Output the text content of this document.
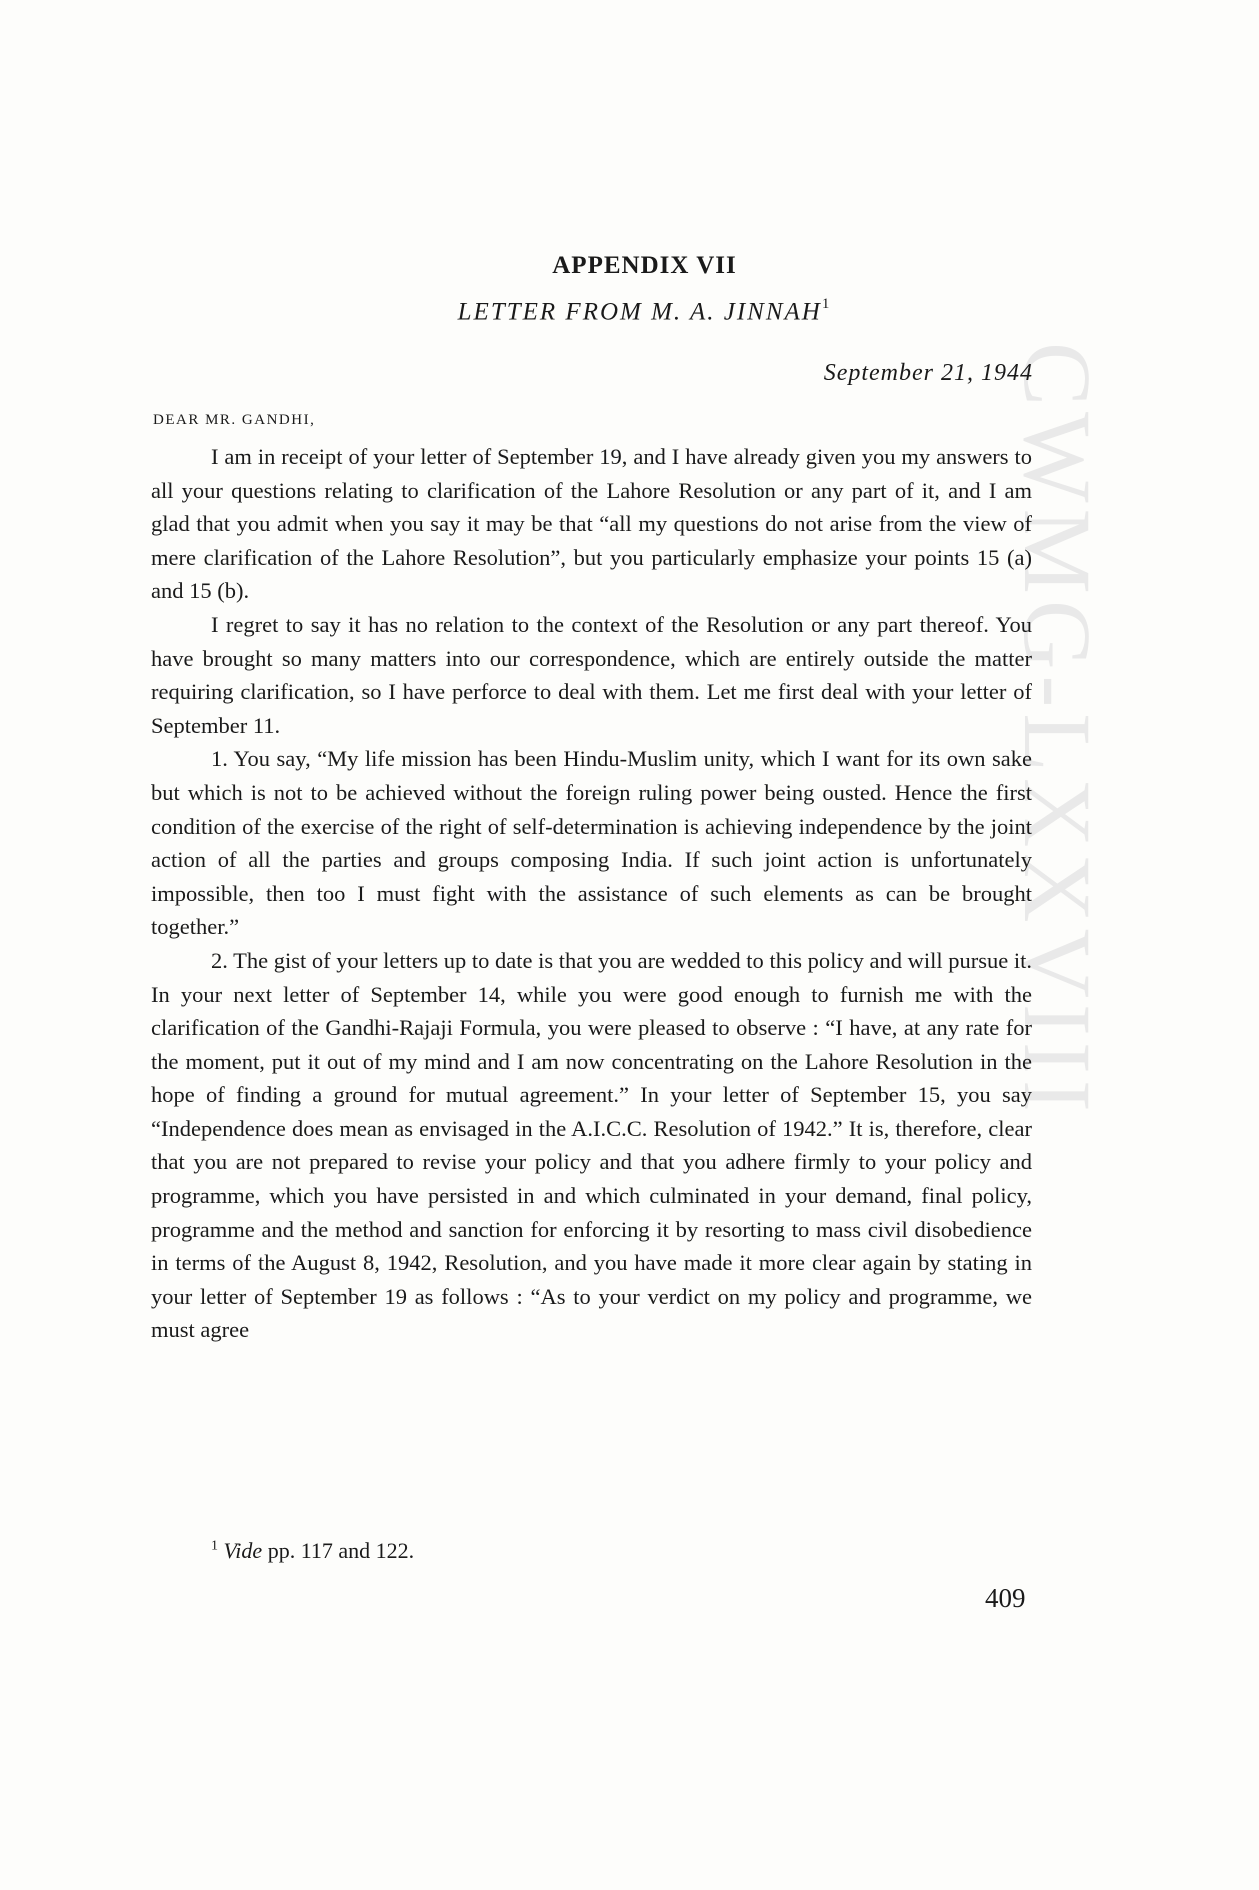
CWMG-LXXVIII
APPENDIX VII
LETTER FROM M. A. JINNAH$^1$
September 21, 1944
DEAR MR. GANDHI,

I am in receipt of your letter of September 19, and I have already given you my answers to all your questions relating to clarification of the Lahore Resolution or any part of it, and I am glad that you admit when you say it may be that “all my questions do not arise from the view of mere clarification of the Lahore Resolution”, but you particularly emphasize your points 15 (a) and 15 (b).

I regret to say it has no relation to the context of the Resolution or any part thereof. You have brought so many matters into our correspondence, which are entirely outside the matter requiring clarification, so I have perforce to deal with them. Let me first deal with your letter of September 11.

1. You say, “My life mission has been Hindu-Muslim unity, which I want for its own sake but which is not to be achieved without the foreign ruling power being ousted. Hence the first condition of the exercise of the right of self-determination is achieving independence by the joint action of all the parties and groups composing India. If such joint action is unfortunately impossible, then too I must fight with the assistance of such elements as can be brought together.”

2. The gist of your letters up to date is that you are wedded to this policy and will pursue it. In your next letter of September 14, while you were good enough to furnish me with the clarification of the Gandhi-Rajaji Formula, you were pleased to observe : “I have, at any rate for the moment, put it out of my mind and I am now concentrating on the Lahore Resolution in the hope of finding a ground for mutual agreement.” In your letter of September 15, you say “Independence does mean as envisaged in the A.I.C.C. Resolution of 1942.” It is, therefore, clear that you are not prepared to revise your policy and that you adhere firmly to your policy and programme, which you have persisted in and which culminated in your demand, final policy, programme and the method and sanction for enforcing it by resorting to mass civil disobedience in terms of the August 8, 1942, Resolution, and you have made it more clear again by stating in your letter of September 19 as follows : “As to your verdict on my policy and programme, we must agree

$^1$ Vide pp. 117 and 122.
409
